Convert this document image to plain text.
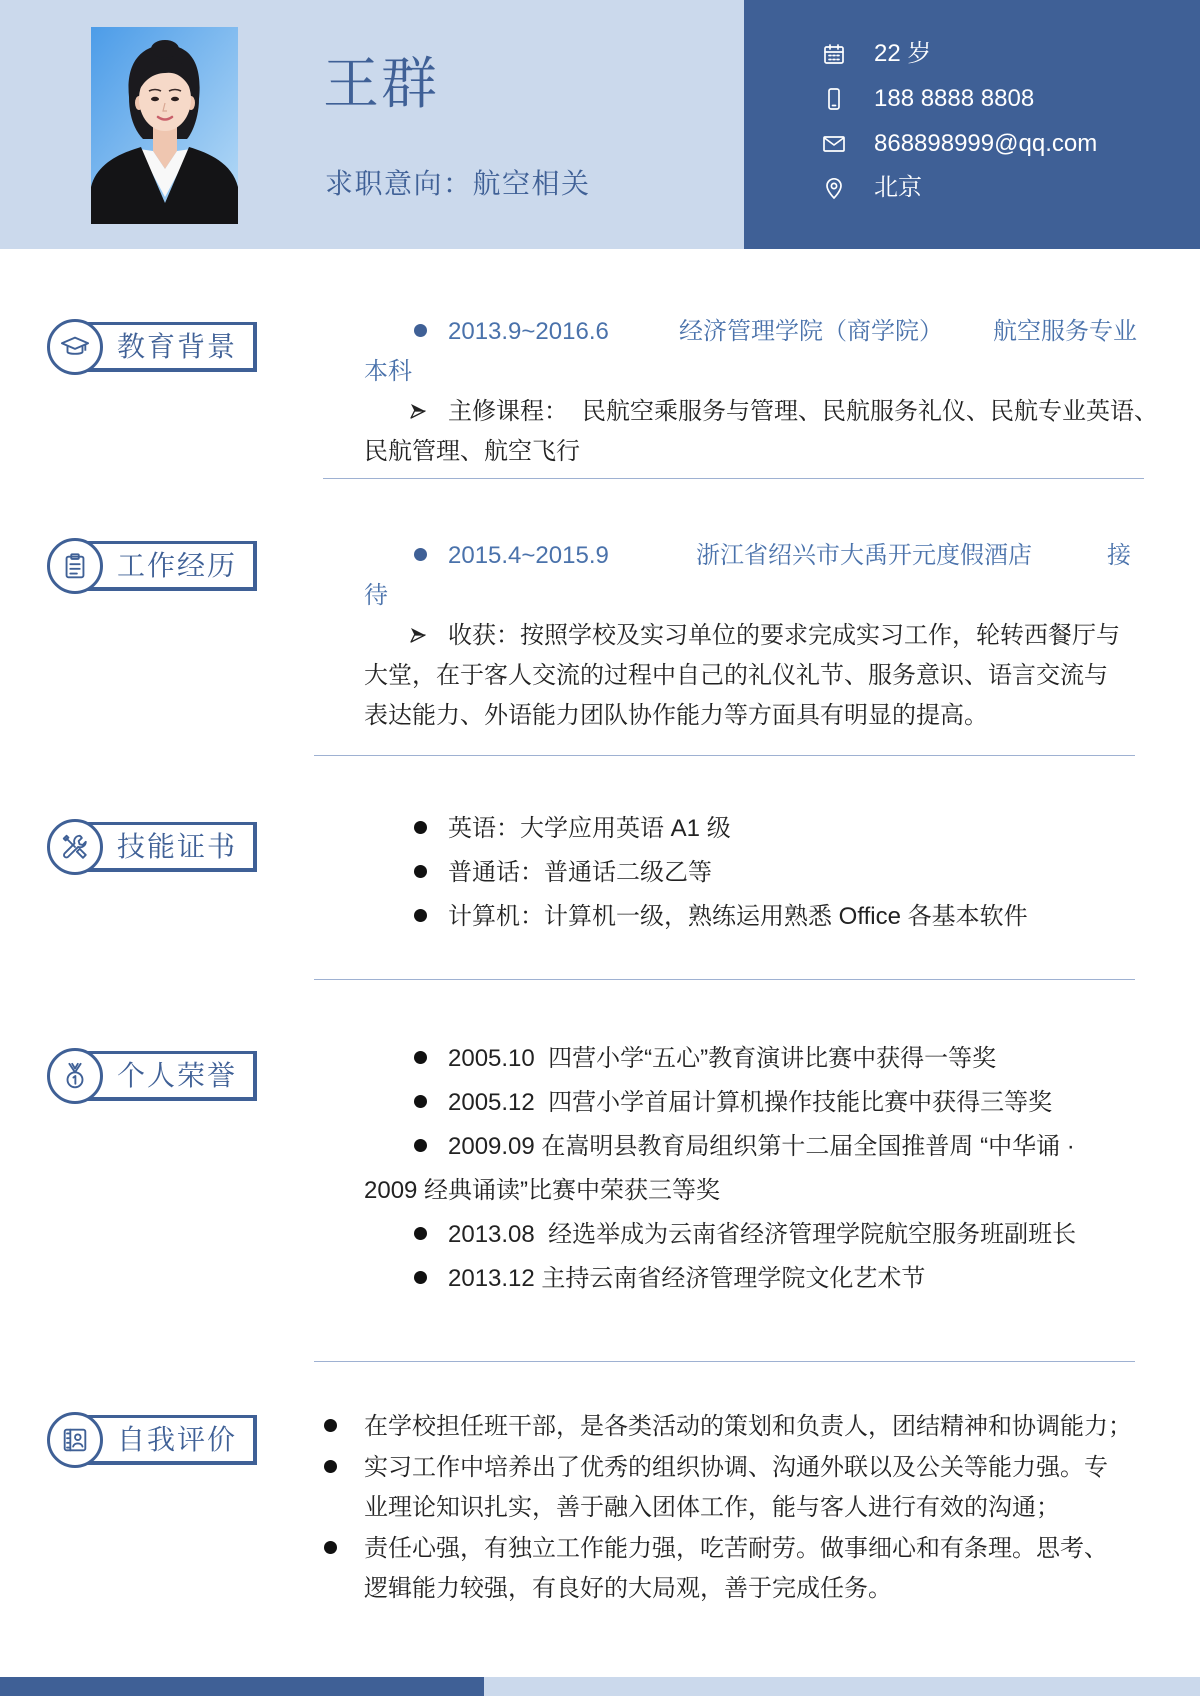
王群
求职意向：航空相关
22 岁
188 8888 8808
868898999@qq.com
北京
教育背景	2013.9~2016.6	经济管理学院（商学院） 航空服务专业
本科
主修课程： 民航空乘服务与管理、民航服务礼仪、民航专业英语、
民航管理、航空飞行
工作经历	2015.4~2015.9	浙江省绍兴市大禹开元度假酒店	接待
收获：按照学校及实习单位的要求完成实习工作，轮转西餐厅与
大堂，在于客人交流的过程中自己的礼仪礼节、服务意识、语言交流与
表达能力、外语能力团队协作能力等方面具有明显的提高。
技能证书
英语：大学应用英语 A1 级
普通话：普通话二级乙等
计算机：计算机一级，熟练运用熟悉 Office 各基本软件
个人荣誉
2005.10  四营小学“五心”教育演讲比赛中获得一等奖
2005.12  四营小学首届计算机操作技能比赛中获得三等奖
2009.09 在嵩明县教育局组织第十二届全国推普周 “中华诵 ·
2009 经典诵读”比赛中荣获三等奖
2013.08  经选举成为云南省经济管理学院航空服务班副班长
2013.12 主持云南省经济管理学院文化艺术节
自我评价	在学校担任班干部，是各类活动的策划和负责人，团结精神和协调能力；
实习工作中培养出了优秀的组织协调、沟通外联以及公关等能力强。专
业理论知识扎实，善于融入团体工作，能与客人进行有效的沟通；
责任心强，有独立工作能力强，吃苦耐劳。做事细心和有条理。思考、
逻辑能力较强，有良好的大局观，善于完成任务。
